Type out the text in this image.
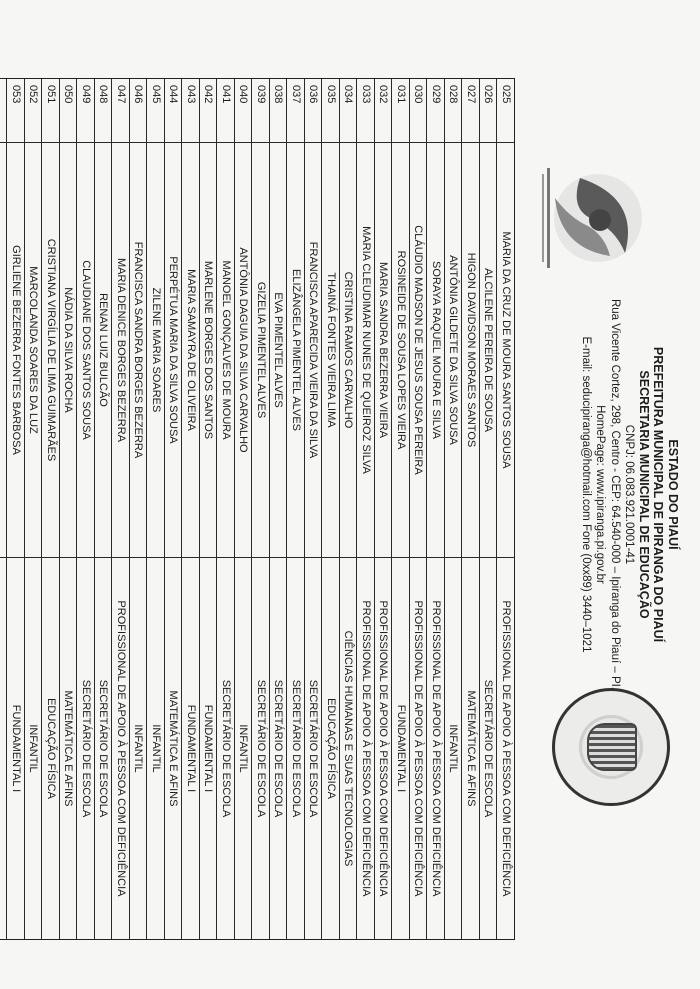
ESTADO DO PIAUÍ
PREFEITURA MUNICIPAL DE IPIRANGA DO PIAUÍ
SECRETARIA MUNICIPAL DE EDUCAÇÃO
CNPJ: 06.083.921.0001-41
Rua Vicente Cortez, 298, Centro - CEP: 64.540-000 – Ipiranga do Piauí – PI.
HomePage: www.ipiranga.pi.gov.br
E-mail: seducipiranga@hotmail.com Fone (0xx89) 3440–1021
025
MARIA DA CRUZ DE MOURA SANTOS SOUSA
PROFISSIONAL DE APOIO À PESSOA COM DEFICIÊNCIA
026
ALCILENE PEREIRA DE SOUSA
SECRETÁRIO DE ESCOLA
027
HIGON DAVIDSON MORAES SANTOS
MATEMÁTICA E AFINS
028
ANTÔNIA GILDETE DA SILVA SOUSA
INFANTIL
029
SORAYA RAQUEL MOURA E SILVA
PROFISSIONAL DE APOIO À PESSOA COM DEFICIÊNCIA
030
CLÁUDIO MADSON DE JESUS SOUSA PEREIRA
PROFISSIONAL DE APOIO À PESSOA COM DEFICIÊNCIA
031
ROSINEIDE DE SOUSA LOPES VIEIRA
FUNDAMENTAL I
032
MARIA SANDRA BEZERRA VIEIRA
PROFISSIONAL DE APOIO À PESSOA COM DEFICIÊNCIA
033
MARIA CLEUDIMAR NUNES DE QUEIROZ SILVA
PROFISSIONAL DE APOIO À PESSOA COM DEFICIÊNCIA
034
CRISTINA RAMOS CARVALHO
CIÊNCIAS HUMANAS E SUAS TECNOLOGIAS
035
THAINÁ FONTES VIEIRA LIMA
EDUCAÇÃO FÍSICA
036
FRANCISCA APARECIDA VIEIRA DA SILVA
SECRETÁRIO DE ESCOLA
037
ELIZÂNGELA PIMENTEL ALVES
SECRETÁRIO DE ESCOLA
038
EVA PIMENTEL ALVES
SECRETÁRIO DE ESCOLA
039
GIZELIA PIMENTEL ALVES
SECRETÁRIO DE ESCOLA
040
ANTÔNIA DAGUIA DA SILVA CARVALHO
INFANTIL
041
MANOEL GONÇALVES DE MOURA
SECRETÁRIO DE ESCOLA
042
MARLENE BORGES DOS SANTOS
FUNDAMENTAL I
043
MARIA SAMAYRA DE OLIVEIRA
FUNDAMENTAL I
044
PERPÉTUA MARIA DA SILVA SOUSA
MATEMÁTICA E AFINS
045
ZILENE MARIA SOARES
INFANTIL
046
FRANCISCA SANDRA BORGES BEZERRA
INFANTIL
047
MARIA DENICE BORGES BEZERRA
PROFISSIONAL DE APOIO À PESSOA COM DEFICIÊNCIA
048
RENAN LUIZ BULCÃO
SECRETÁRIO DE ESCOLA
049
CLAUDIANE DOS SANTOS SOUSA
SECRETÁRIO DE ESCOLA
050
NÁDIA DA SILVA ROCHA
MATEMÁTICA E AFINS
051
CRISTIANA VIRGÍLIA DE LIMA GUIMARÃES
EDUCAÇÃO FÍSICA
052
MARCOLANDA SOARES DA LUZ
INFANTIL
053
GIRLIENE BEZERRA FONTES BARBOSA
FUNDAMENTAL I
